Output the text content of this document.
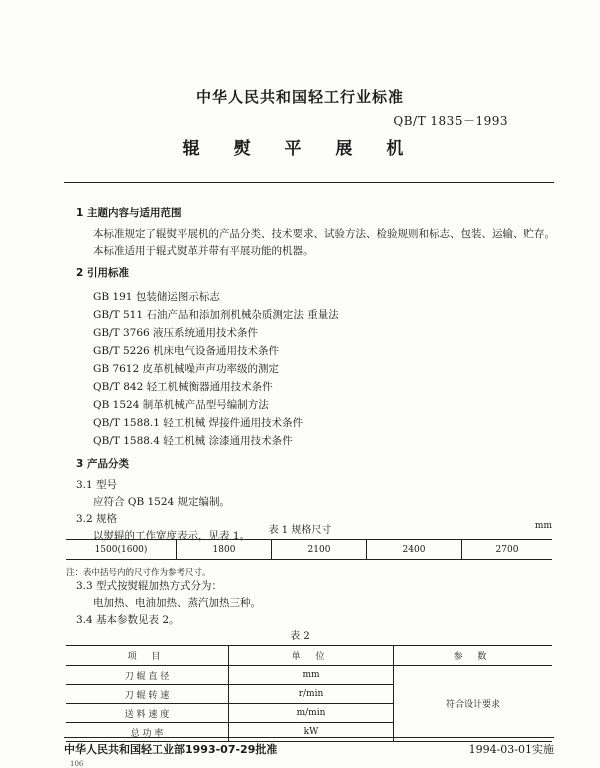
中华人民共和国轻工行业标准
QB/T 1835－1993
辊 熨 平 展 机
1 主题内容与适用范围
本标准规定了辊熨平展机的产品分类、技术要求、试验方法、检验规则和标志、包装、运输、贮存。
本标准适用于辊式熨革并带有平展功能的机器。
2 引用标准
GB 191 包装储运图示标志
GB/T 511 石油产品和添加剂机械杂质测定法 重量法
GB/T 3766 液压系统通用技术条件
GB/T 5226 机床电气设备通用技术条件
GB 7612 皮革机械噪声声功率级的测定
QB/T 842 轻工机械衡器通用技术条件
QB 1524 制革机械产品型号编制方法
QB/T 1588.1 轻工机械 焊接件通用技术条件
QB/T 1588.4 轻工机械 涂漆通用技术条件
3 产品分类
3.1 型号
应符合 QB 1524 规定编制。
3.2 规格
以熨辊的工作宽度表示，见表 1。	表 1 规格尺寸	mm
1500(1600)	1800	2100	2400	2700
注：表中括号内的尺寸作为参考尺寸。
3.3 型式按熨辊加热方式分为：
电加热、电油加热、蒸汽加热三种。
3.4 基本参数见表 2。
表 2
项 目	单 位	参 数
刀 辊 直 径	mm	符合设计要求
刀 辊 转 速	r/min	
送 料 速 度	m/min	
总 功 率	kW	
中华人民共和国轻工业部1993-07-29批准	1994-03-01实施
106
